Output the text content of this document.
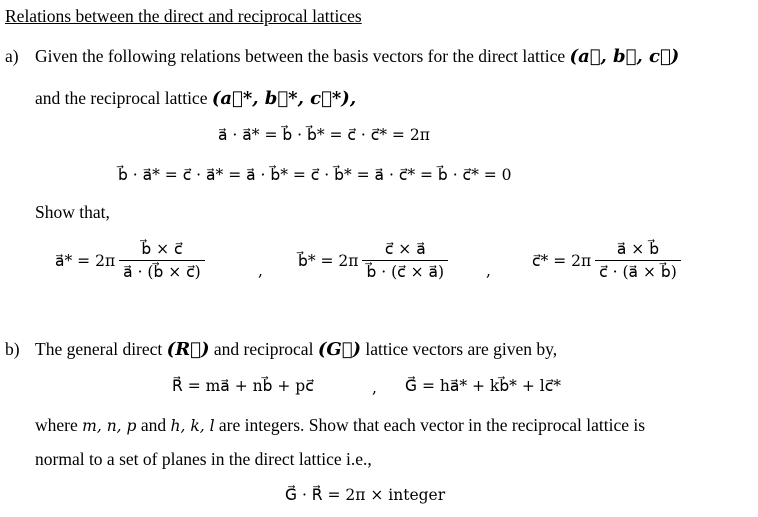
Relations between the direct and reciprocal lattices
a) Given the following relations between the basis vectors for the direct lattice (a⃗, b⃗, c⃗)
and the reciprocal lattice (a⃗*, b⃗*, c⃗*),
a⃗ · a⃗* = b⃗ · b⃗* = c⃗ · c⃗* = 2π
b⃗ · a⃗* = c⃗ · a⃗* = a⃗ · b⃗* = c⃗ · b⃗* = a⃗ · c⃗* = b⃗ · c⃗* = 0
Show that,
a⃗* = $2\pi \frac{b⃗ \times c⃗}{a⃗ \cdot (b⃗ \times c⃗)}$	,
b⃗* = $2\pi \frac{c⃗ \times a⃗}{b⃗ \cdot (c⃗ \times a⃗)}$ ,
c⃗* = $2\pi \frac{a⃗ \times b⃗}{c⃗ \cdot (a⃗ \times b⃗)}$
b) The general direct (R⃗) and reciprocal (G⃗) lattice vectors are given by,
R⃗ = ma⃗ + nb⃗ + pc⃗	, G⃗ = ha⃗* + kb⃗* + lc⃗*
where m, n, p and h, k, l are integers. Show that each vector in the reciprocal lattice is
normal to a set of planes in the direct lattice i.e.,
G⃗ · R⃗ = 2π × integer
